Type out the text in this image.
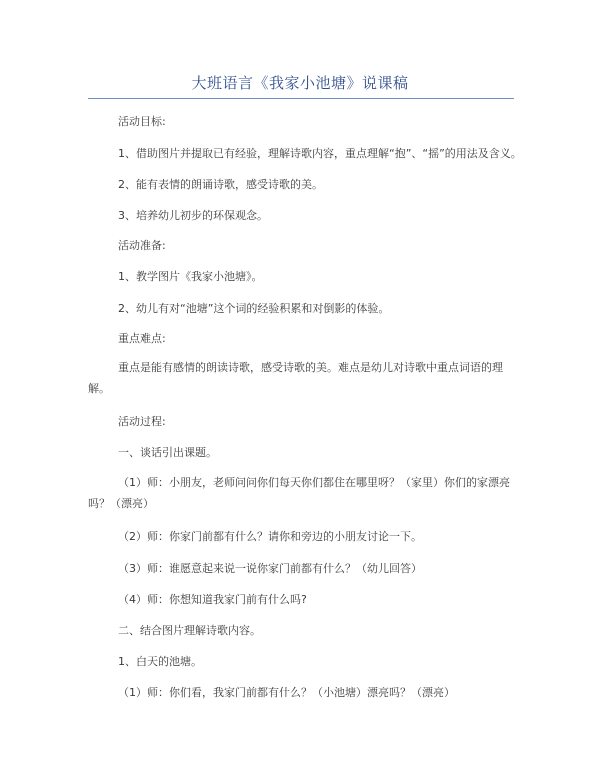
大班语言《我家小池塘》说课稿
活动目标:
1、借助图片并提取已有经验，理解诗歌内容，重点理解“抱”、“摇”的用法及含义。
2、能有表情的朗诵诗歌，感受诗歌的美。
3、培养幼儿初步的环保观念。
活动准备:
1、教学图片《我家小池塘》。
2、幼儿有对“池塘”这个词的经验积累和对倒影的体验。
重点难点:
重点是能有感情的朗读诗歌，感受诗歌的美。难点是幼儿对诗歌中重点词语的理解。
活动过程:
一、谈话引出课题。
（1）师：小朋友，老师问问你们每天你们都住在哪里呀？（家里）你们的家漂亮吗？（漂亮）
（2）师：你家门前都有什么？请你和旁边的小朋友讨论一下。
（3）师：谁愿意起来说一说你家门前都有什么？（幼儿回答）
（4）师：你想知道我家门前有什么吗?
二、结合图片理解诗歌内容。
1、白天的池塘。
（1）师：你们看，我家门前都有什么？（小池塘）漂亮吗？（漂亮）
